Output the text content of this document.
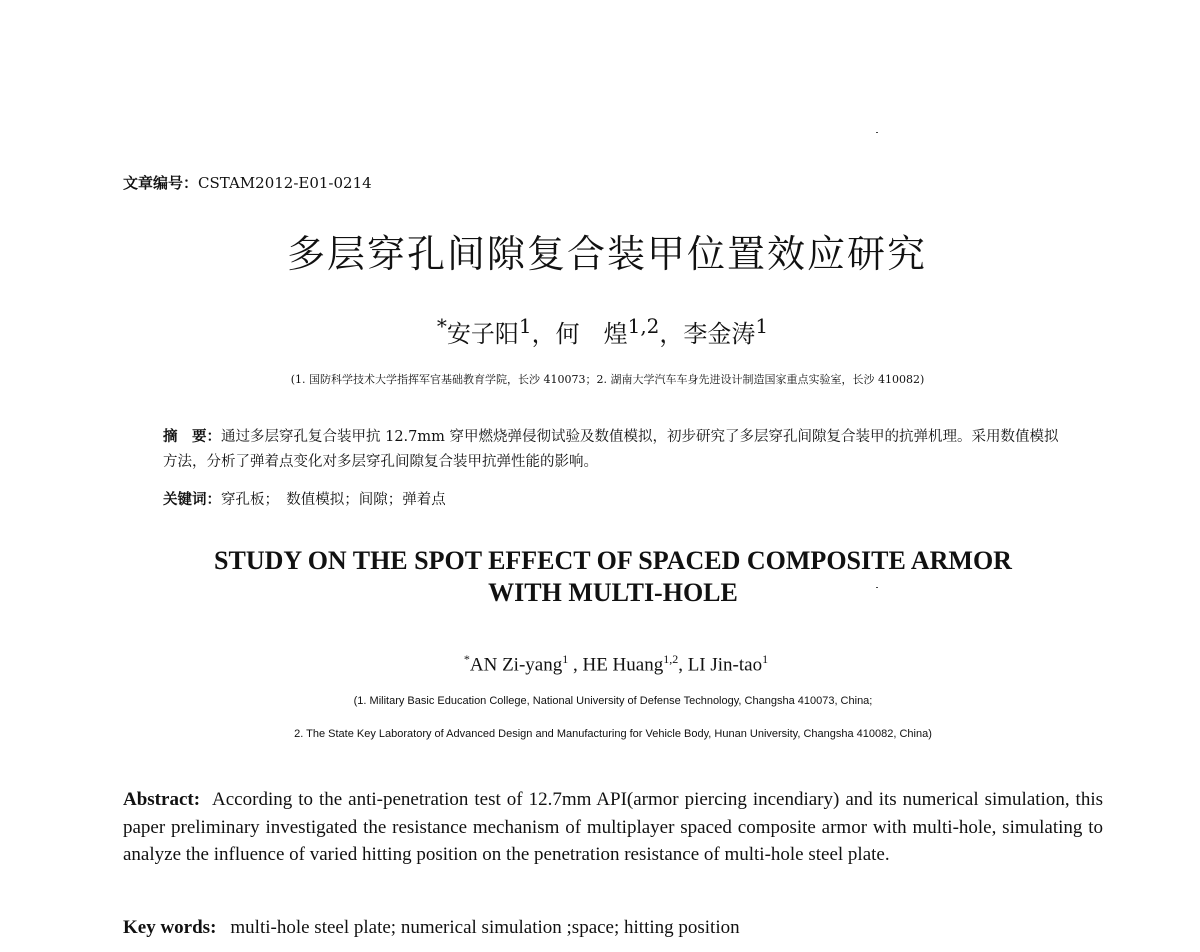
文章编号：CSTAM2012-E01-0214
多层穿孔间隙复合装甲位置效应研究
*安子阳$^1$，何　煌$^{1,2}$，李金涛$^1$
(1. 国防科学技术大学指挥军官基础教育学院，长沙 410073；2. 湖南大学汽车车身先进设计制造国家重点实验室，长沙 410082)
摘　要：通过多层穿孔复合装甲抗 12.7mm 穿甲燃烧弹侵彻试验及数值模拟，初步研究了多层穿孔间隙复合装甲的抗弹机理。采用数值模拟方法，分析了弹着点变化对多层穿孔间隙复合装甲抗弹性能的影响。
关键词：穿孔板；　数值模拟；间隙；弹着点
STUDY ON THE SPOT EFFECT OF SPACED COMPOSITE ARMOR
WITH MULTI-HOLE
*AN Zi-yang$^1$ , HE Huang$^{1,2}$, LI Jin-tao$^1$
(1. Military Basic Education College, National University of Defense Technology, Changsha 410073, China;
2. The State Key Laboratory of Advanced Design and Manufacturing for Vehicle Body, Hunan University, Changsha 410082, China)
Abstract: According to the anti-penetration test of 12.7mm API(armor piercing incendiary) and its numerical simulation, this paper preliminary investigated the resistance mechanism of multiplayer spaced composite armor with multi-hole, simulating to analyze the influence of varied hitting position on the penetration resistance of multi-hole steel plate.
Key words: multi-hole steel plate; numerical simulation ;space; hitting position
